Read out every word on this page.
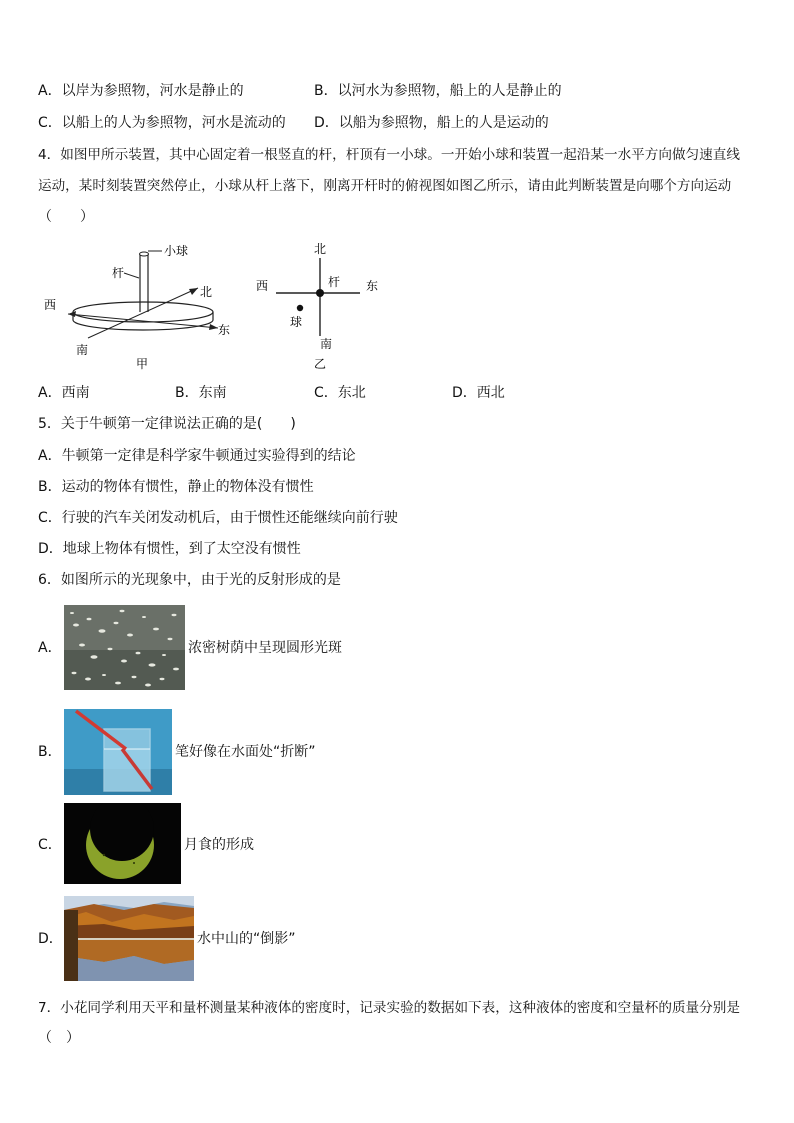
A．以岸为参照物，河水是静止的	B．以河水为参照物，船上的人是静止的
C．以船上的人为参照物，河水是流动的 D．以船为参照物，船上的人是运动的
4．如图甲所示装置，其中心固定着一根竖直的杆，杆顶有一小球。一开始小球和装置一起沿某一水平方向做匀速直线
运动，某时刻装置突然停止，小球从杆上落下，刚离开杆时的俯视图如图乙所示，请由此判断装置是向哪个方向运动
（　　）
小球
杆
北
西
东
南
甲
北
西	杆 东
球
南
乙
A．西南	B．东南	C．东北	D．西北
5．关于牛顿第一定律说法正确的是(　　)
A．牛顿第一定律是科学家牛顿通过实验得到的结论
B．运动的物体有惯性，静止的物体没有惯性
C．行驶的汽车关闭发动机后，由于惯性还能继续向前行驶
D．地球上物体有惯性，到了太空没有惯性
6．如图所示的光现象中，由于光的反射形成的是
A．	浓密树荫中呈现圆形光斑
B．	笔好像在水面处“折断”
C．	月食的形成
D．	水中山的“倒影”
7．小花同学利用天平和量杯测量某种液体的密度时，记录实验的数据如下表，这种液体的密度和空量杯的质量分别是
（　）
